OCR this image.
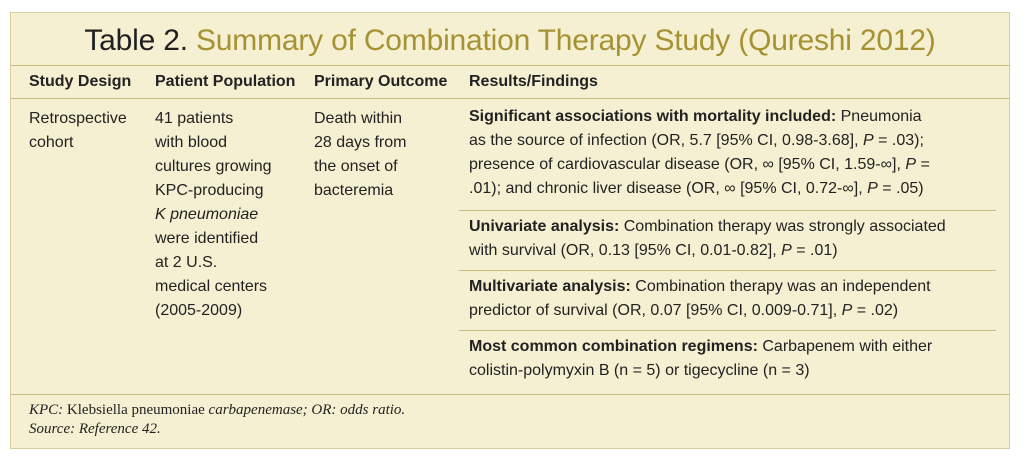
Table 2. Summary of Combination Therapy Study (Qureshi 2012)
Study Design Patient Population Primary Outcome Results/Findings
Retrospective
cohort
41 patients
with blood
cultures growing
KPC-producing
K pneumoniae
were identified
at 2 U.S.
medical centers
(2005-2009)
Death within
28 days from
the onset of
bacteremia
Significant associations with mortality included: Pneumonia
as the source of infection (OR, 5.7 [95% CI, 0.98-3.68], P = .03);
presence of cardiovascular disease (OR, ∞ [95% CI, 1.59-∞], P =
.01); and chronic liver disease (OR, ∞ [95% CI, 0.72-∞], P = .05)
Univariate analysis: Combination therapy was strongly associated
with survival (OR, 0.13 [95% CI, 0.01-0.82], P = .01)
Multivariate analysis: Combination therapy was an independent
predictor of survival (OR, 0.07 [95% CI, 0.009-0.71], P = .02)
Most common combination regimens: Carbapenem with either
colistin-polymyxin B (n = 5) or tigecycline (n = 3)
KPC: Klebsiella pneumoniae carbapenemase; OR: odds ratio.
Source: Reference 42.
